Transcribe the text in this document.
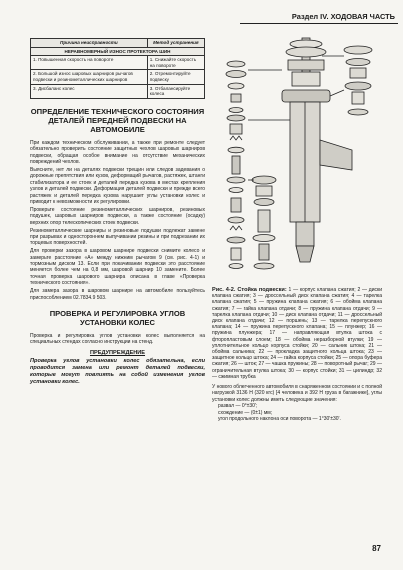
Раздел IV. ХОДОВАЯ ЧАСТЬ
Причина неисправности	Метод устранения
НЕРАВНОМЕРНЫЙ ИЗНОС ПРОТЕКТОРА ШИН	
1. Повышенная скорость на повороте	1. Снижайте скорость на повороте
2. Большой износ шаровых шарниров рычагов подвески и резинометаллических шарниров	2. Отремонтируйте подвеску
3. Дисбаланс колес	3. Отбалансируйте колеса
ОПРЕДЕЛЕНИЕ ТЕХНИЧЕСКОГО СОСТОЯНИЯ ДЕТАЛЕЙ ПЕРЕДНЕЙ ПОДВЕСКИ НА АВТОМОБИЛЕ

При каждом техническом обслуживании, а также при ремонте следует обязательно проверить состояние защитных чехлов шаровых шарниров подвески, обращая особое внимание на отсутствие механических повреждений чехлов.

Выясните, нет ли на деталях подвески трещин или следов задевания о дорожные препятствия или кузов, деформаций рычагов, растяжек, штанги стабилизатора и ее стоек и деталей передка кузова в местах крепления узлов и деталей подвески. Деформация деталей подвески и прежде всего растяжек и деталей передка кузова нарушает углы установки колес и приводит к невозможности их регулировки.

Проверьте состояние резинометаллических шарниров, резиновых подушек, шаровых шарниров подвески, а также состояние (осадку) верхних опор телескопических стоек подвески.

Резинометаллические шарниры и резиновые подушки подлежат замене при разрывах и одностороннем выпучивании резины и при подрезании их торцевых поверхностей.

Для проверки зазора в шаровом шарнире подвески снимите колесо и замерьте расстояние «А» между нижним рычагом 9 (см. рис. 4-1) и тормозным диском 13. Если при покачивании подвески это расстояние меняется более чем на 0,8 мм, шаровой шарнир 10 замените. Более точная проверка шарового шарнира описана в главе «Проверка технического состояния».

Для замера зазора в шаровом шарнире на автомобиле пользуйтесь приспособлением 02.7834.9 503.

ПРОВЕРКА И РЕГУЛИРОВКА УГЛОВ УСТАНОВКИ КОЛЕС

Проверка и регулировка углов установки колес выполняется на специальных стендах согласно инструкции на стенд.

ПРЕДУПРЕЖДЕНИЕ

Проверка углов установки колес обязательна, если проводится замена или ремонт деталей подвески, которые могут повлиять на собой изменения углов установки колес.

Рис. 4-2. Стойка подвески: 1 — корпус клапана сжатия; 2 — диски клапана сжатия; 3 — дроссельный диск клапана сжатия; 4 — тарелка клапана сжатия; 5 — пружина клапана сжатия; 6 — обойма клапана сжатия; 7 — гайка клапана отдачи; 8 — пружина клапана отдачи; 9 — тарелка клапана отдачи; 10 — диск клапана отдачи; 11 — дроссельный диск клапана отдачи; 12 — поршень; 13 — тарелка перепускного клапана; 14 — пружина перепускного клапана; 15 — плунжер; 16 — пружина плунжера; 17 — направляющая втулка штока с фторопластовым слоем; 18 — обойма неразборной втулки; 19 — уплотнительное кольцо корпуса стойки; 20 — сальник штока; 21 — обойма сальника; 22 — прокладка защитного кольца штока; 23 — защитное кольцо штока; 24 — гайка корпуса стойки; 25 — опора буфера сжатия; 26 — шток; 27 — чашка пружины; 28 — поворотный рычаг; 29 — ограничительная втулка штока; 30 — корпус стойки; 31 — цилиндр; 32 — сжимная трубка

У нового облегченного автомобиля в снаряженном состоянии и с полной нагрузкой 3136 Н (320 кгс) [4 человека и 392 Н груза в багажнике], углы установки колес должны иметь следующие значения:

развал — 0°±30';
схождение — (0±1) мм;
угол продольного наклона оси поворота — 1°30'±30'.
87
